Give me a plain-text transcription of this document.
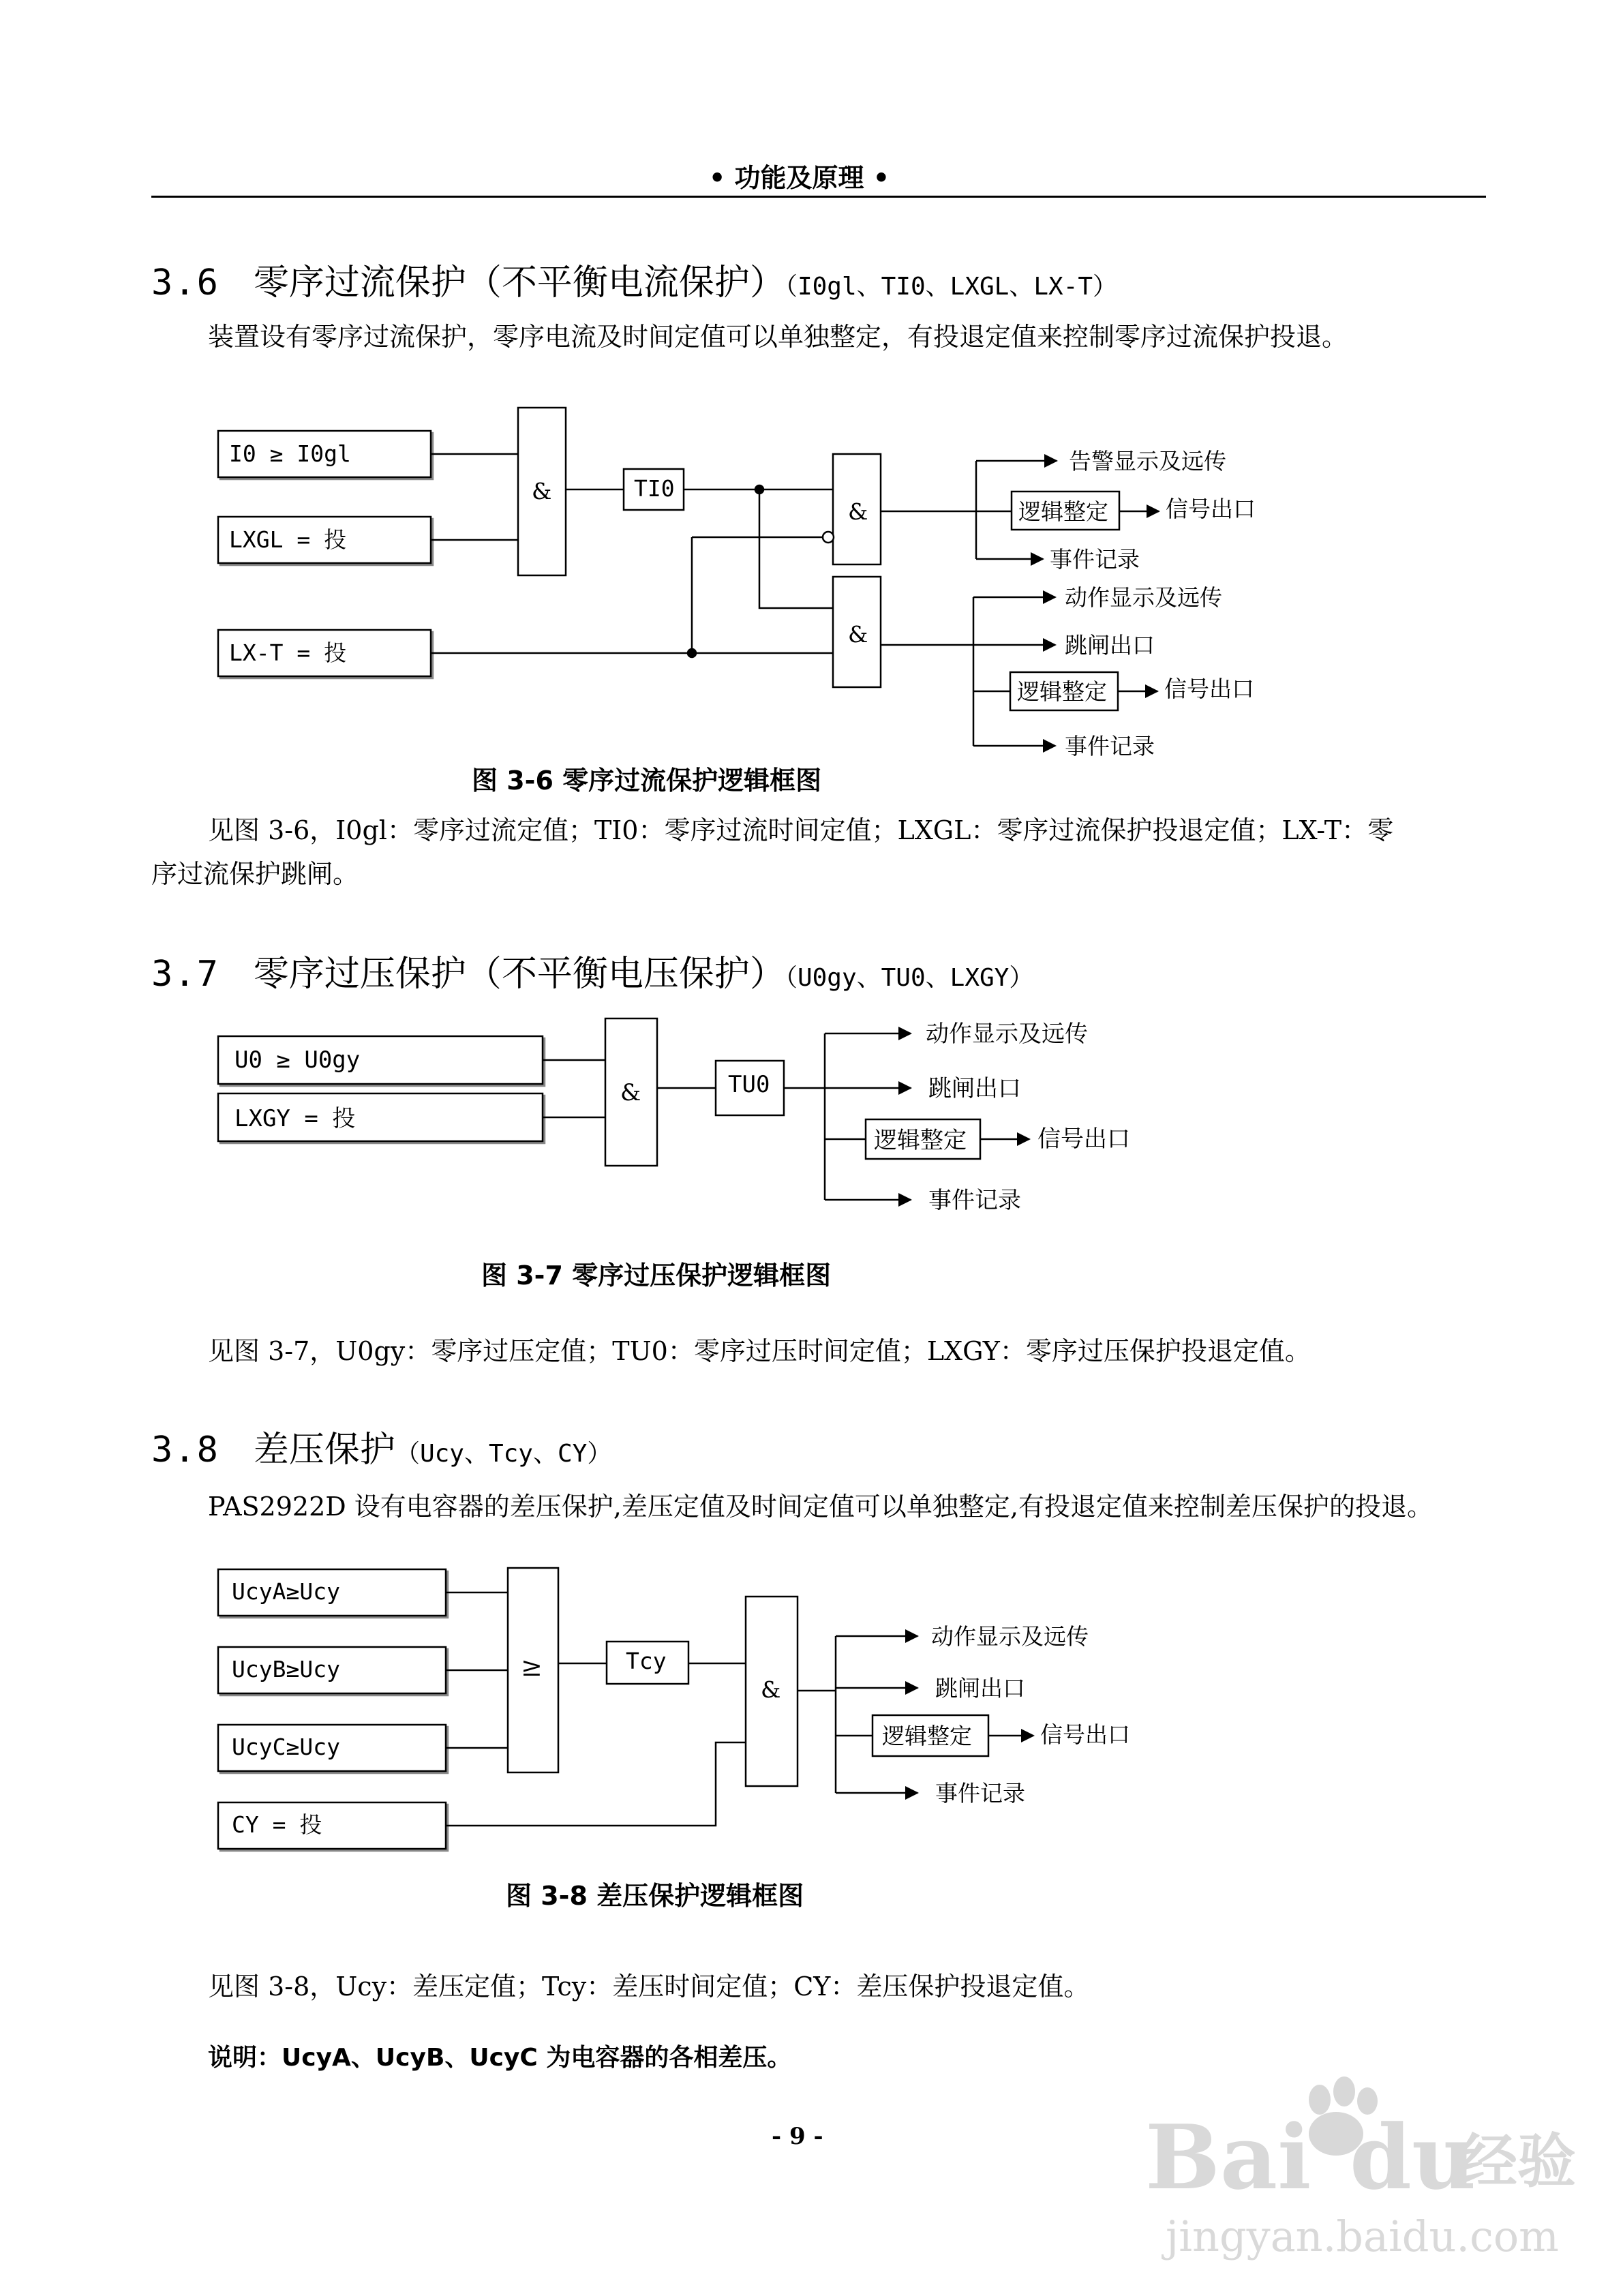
• 功能及原理 •
3.6 零序过流保护（不平衡电流保护）（I0gl、TI0、LXGL、LX-T）
装置设有零序过流保护，零序电流及时间定值可以单独整定，有投退定值来控制零序过流保护投退。
I0 ≥ I0gl
LXGL = 投
LX-T = 投
&	TI0
&
&
告警显示及远传
逻辑整定	信号出口
事件记录
动作显示及远传
跳闸出口
逻辑整定	信号出口
事件记录
U0 ≥ U0gy
LXGY = 投
&	TU0
动作显示及远传
跳闸出口
逻辑整定	信号出口
事件记录
UcyA≥Ucy
UcyB≥Ucy
UcyC≥Ucy
CY = 投
≥	Tcy
&
动作显示及远传
跳闸出口
逻辑整定	信号出口
事件记录
图 3-6 零序过流保护逻辑框图
见图 3-6，I0gl：零序过流定值；TI0：零序过流时间定值；LXGL：零序过流保护投退定值；LX-T：零
序过流保护跳闸。
3.7 零序过压保护（不平衡电压保护）（U0gy、TU0、LXGY）
图 3-7 零序过压保护逻辑框图
见图 3-7，U0gy：零序过压定值；TU0：零序过压时间定值；LXGY：零序过压保护投退定值。
3.8 差压保护（Ucy、Tcy、CY）
PAS2922D 设有电容器的差压保护,差压定值及时间定值可以单独整定,有投退定值来控制差压保护的投退。
图 3-8 差压保护逻辑框图
见图 3-8，Ucy：差压定值；Tcy：差压时间定值；CY：差压保护投退定值。
说明：UcyA、UcyB、UcyC 为电容器的各相差压。
- 9 -	Bai du
经验
jingyan.baidu.com
